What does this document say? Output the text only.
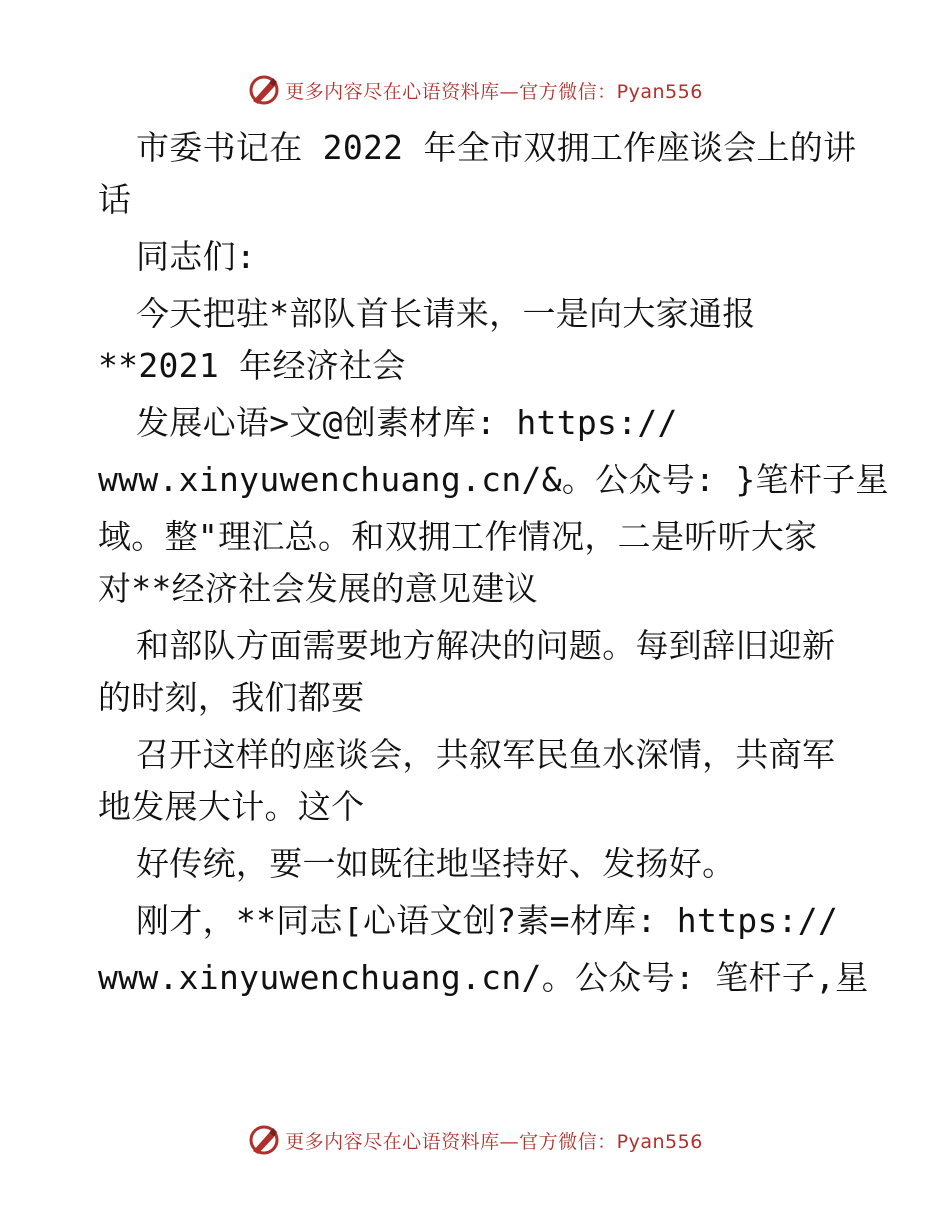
更多内容尽在心语资料库—官方微信：Pyan556
市委书记在 2022 年全市双拥工作座谈会上的讲
话
同志们:
今天把驻*部队首长请来，一是向大家通报
**2021 年经济社会
发展心语>文@创素材库: https://
www.xinyuwenchuang.cn/&。公众号: }笔杆子星
域。整"理汇总。和双拥工作情况，二是听听大家
对**经济社会发展的意见建议
和部队方面需要地方解决的问题。每到辞旧迎新
的时刻，我们都要
召开这样的座谈会，共叙军民鱼水深情，共商军
地发展大计。这个
好传统，要一如既往地坚持好、发扬好。
刚才，**同志[心语文创?素=材库: https://
www.xinyuwenchuang.cn/。公众号: 笔杆子,星
更多内容尽在心语资料库—官方微信：Pyan556
